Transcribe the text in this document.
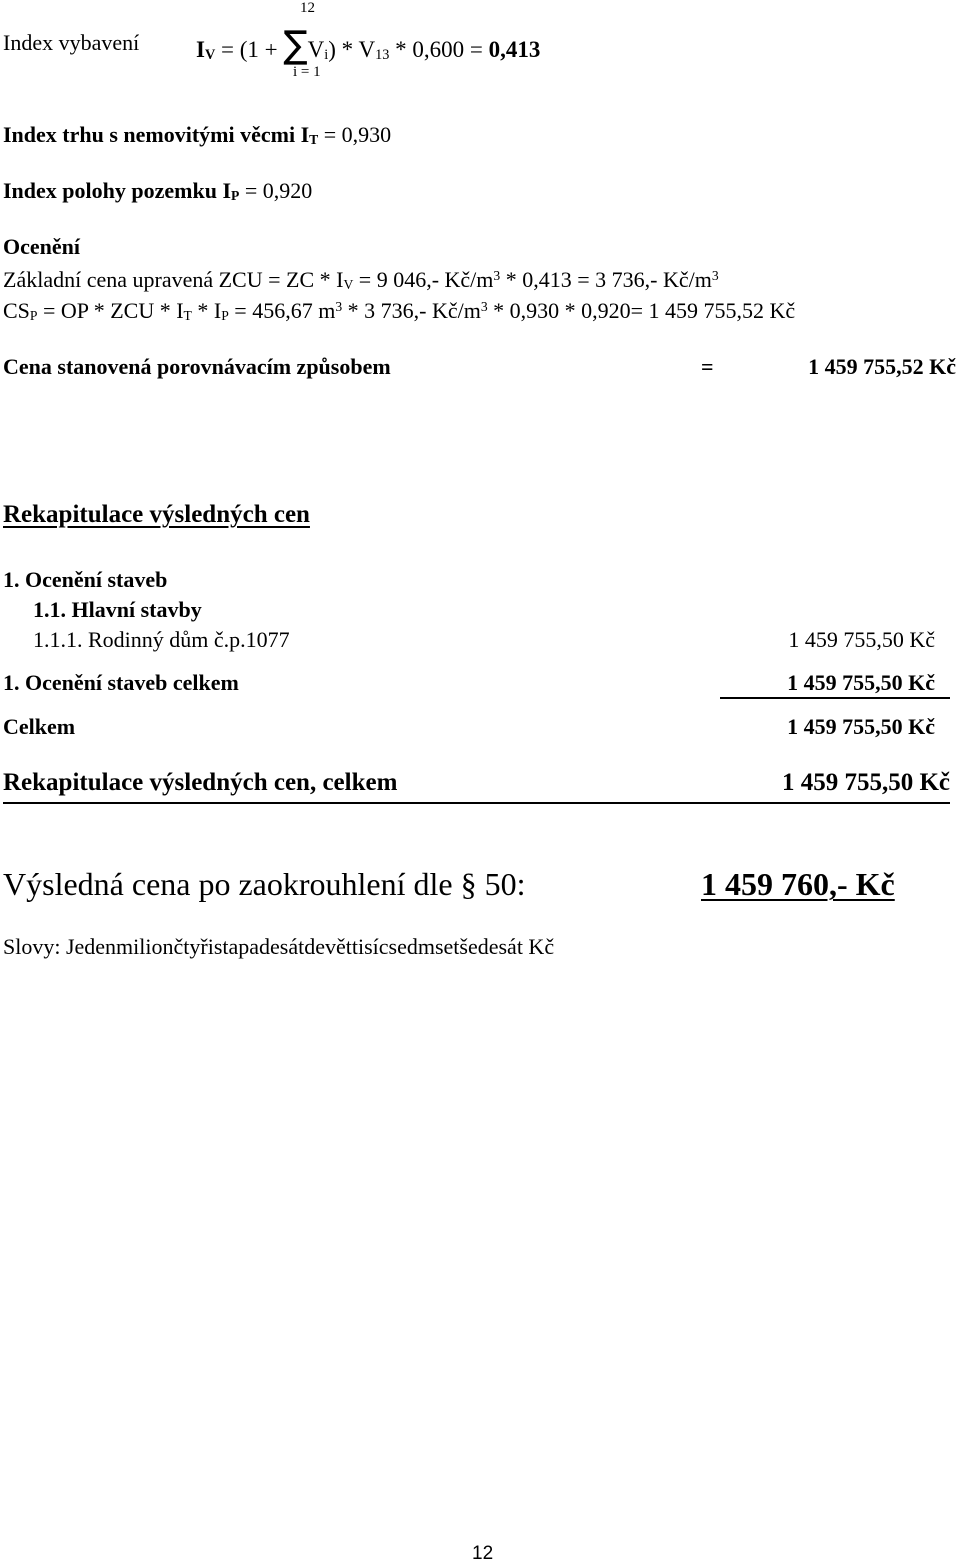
12
Index vybavení $I_V = (1 + \sum V_i) * V_{13} * 0,600 = 0,413$
i = 1
Index trhu s nemovitými věcmi $I_T = 0,930$
Index polohy pozemku $I_P = 0,920$
Ocenění
Základní cena upravená ZCU = ZC * $I_V = 9$ 046,- $Kč/m^3 * 0,413 = 3$ 736,- $Kč/m^3$
$CS_P$ = OP * ZCU * $I_T * I_P = 456,67$ $m^3 * 3$ 736,- $Kč/m^3 * 0,930 * 0,920= 1$ 459 755,52 Kč
Cena stanovená porovnávacím způsobem	=	1 459 755,52 Kč
Rekapitulace výsledných cen
1. Ocenění staveb
1.1. Hlavní stavby
1.1.1. Rodinný dům č.p.1077	1 459 755,50 Kč
1. Ocenění staveb celkem	1 459 755,50 Kč
Celkem	1 459 755,50 Kč
Rekapitulace výsledných cen, celkem	1 459 755,50 Kč
Výsledná cena po zaokrouhlení dle § 50:	1 459 760,- Kč
Slovy: Jedenmiliončtyřistapadesátdevěttisícsedmsetšedesát Kč
12
